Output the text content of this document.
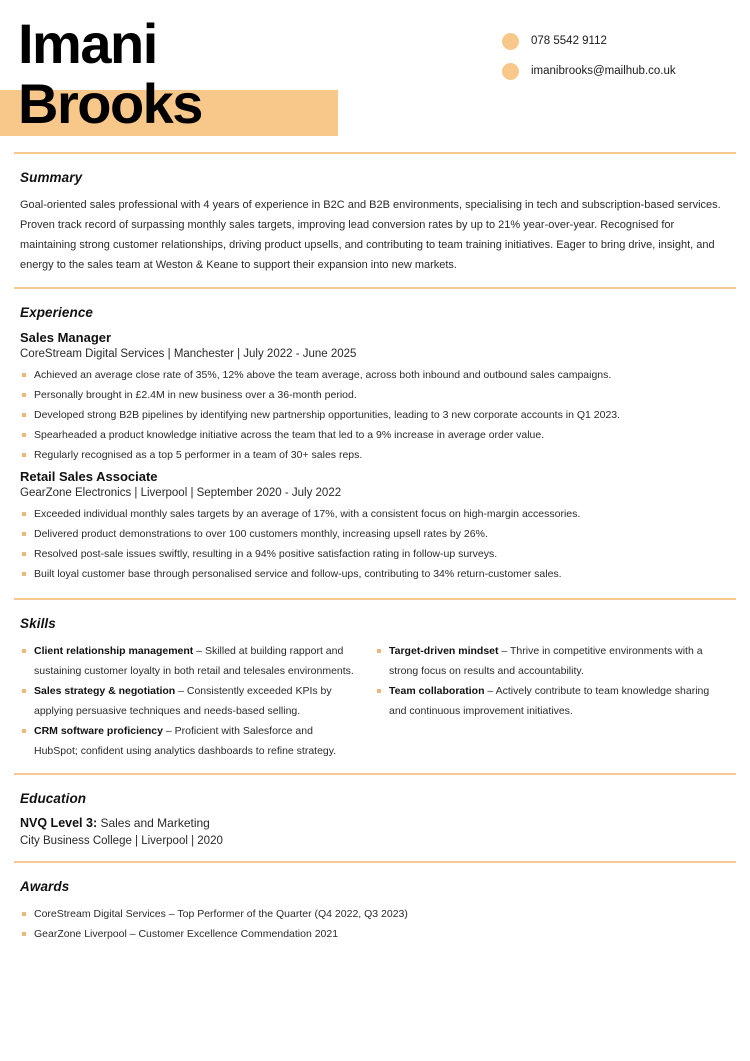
Imani
Brooks
078 5542 9112
imanibrooks@mailhub.co.uk
Summary
Goal-oriented sales professional with 4 years of experience in B2C and B2B environments, specialising in tech and subscription-based services. Proven track record of surpassing monthly sales targets, improving lead conversion rates by up to 21% year-over-year. Recognised for maintaining strong customer relationships, driving product upsells, and contributing to team training initiatives. Eager to bring drive, insight, and energy to the sales team at Weston & Keane to support their expansion into new markets.
Experience
Sales Manager
CoreStream Digital Services | Manchester | July 2022 - June 2025
Achieved an average close rate of 35%, 12% above the team average, across both inbound and outbound sales campaigns.
Personally brought in £2.4M in new business over a 36-month period.
Developed strong B2B pipelines by identifying new partnership opportunities, leading to 3 new corporate accounts in Q1 2023.
Spearheaded a product knowledge initiative across the team that led to a 9% increase in average order value.
Regularly recognised as a top 5 performer in a team of 30+ sales reps.
Retail Sales Associate
GearZone Electronics | Liverpool | September 2020 - July 2022
Exceeded individual monthly sales targets by an average of 17%, with a consistent focus on high-margin accessories.
Delivered product demonstrations to over 100 customers monthly, increasing upsell rates by 26%.
Resolved post-sale issues swiftly, resulting in a 94% positive satisfaction rating in follow-up surveys.
Built loyal customer base through personalised service and follow-ups, contributing to 34% return-customer sales.
Skills
Client relationship management – Skilled at building rapport and sustaining customer loyalty in both retail and telesales environments.
Sales strategy & negotiation – Consistently exceeded KPIs by applying persuasive techniques and needs-based selling.
CRM software proficiency – Proficient with Salesforce and HubSpot; confident using analytics dashboards to refine strategy.
Target-driven mindset – Thrive in competitive environments with a strong focus on results and accountability.
Team collaboration – Actively contribute to team knowledge sharing and continuous improvement initiatives.
Education
NVQ Level 3: Sales and Marketing
City Business College | Liverpool | 2020
Awards
CoreStream Digital Services – Top Performer of the Quarter (Q4 2022, Q3 2023)
GearZone Liverpool – Customer Excellence Commendation 2021
